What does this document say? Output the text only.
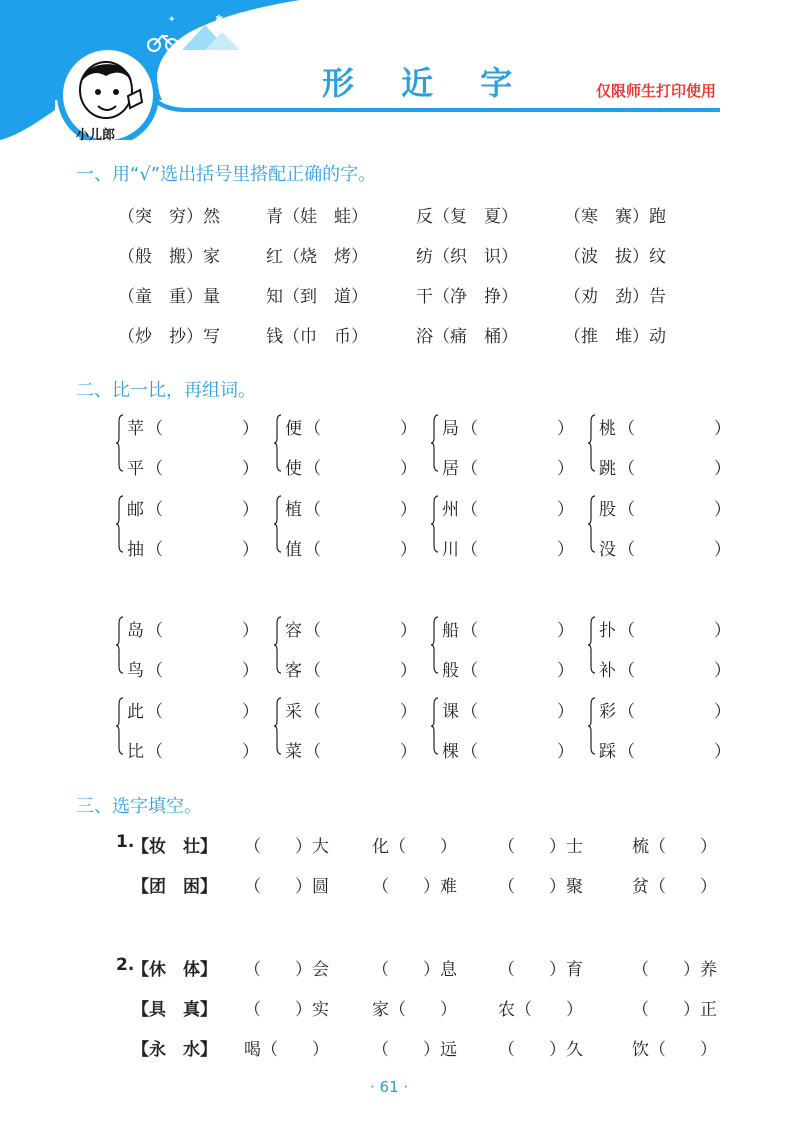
✱
✦
小儿郎
形 近 字	仅限师生打印使用
一、用“√”选出括号里搭配正确的字。
（突　穷）然	青（娃　蛙）	反（复　夏）	（寒　赛）跑
（般　搬）家	红（烧　烤）	纺（织　识）	（波　拔）纹
（童　重）量	知（到　道）	干（净　挣）	（劝　劲）告
（炒　抄）写	钱（巾　币）	浴（痛　桶）	（推　堆）动
二、比一比，再组词。
苹 （	）
平 （	）
便 （	）
使 （	）
局 （	）
居 （	）
桃 （	）
跳 （	）
邮 （	）
抽 （	）
植 （	）
值 （	）
州 （	）
川 （	）
股 （	）
没 （	）
岛 （	）
鸟 （	）
容 （	）
客 （	）
船 （	）
般 （	）
扑 （	）
补 （	）
此 （	）
比 （	）
采 （	）
菜 （	）
课 （	）
棵 （	）
彩 （	）
踩 （	）
三、选字填空。
1.
【妆　壮】 （　　）大	化（　　） （　　）士	梳（　　）
【团　困】 （　　）圆	（　　）难 （　　）聚	贫（　　）
2.
【休　体】 （　　）会	（　　）息 （　　）育	（　　）养
【具　真】 （　　）实	家（　　） 农（　　）	（　　）正
【永　水】 喝（　　）	（　　）远 （　　）久	饮（　　）
· 61 ·
